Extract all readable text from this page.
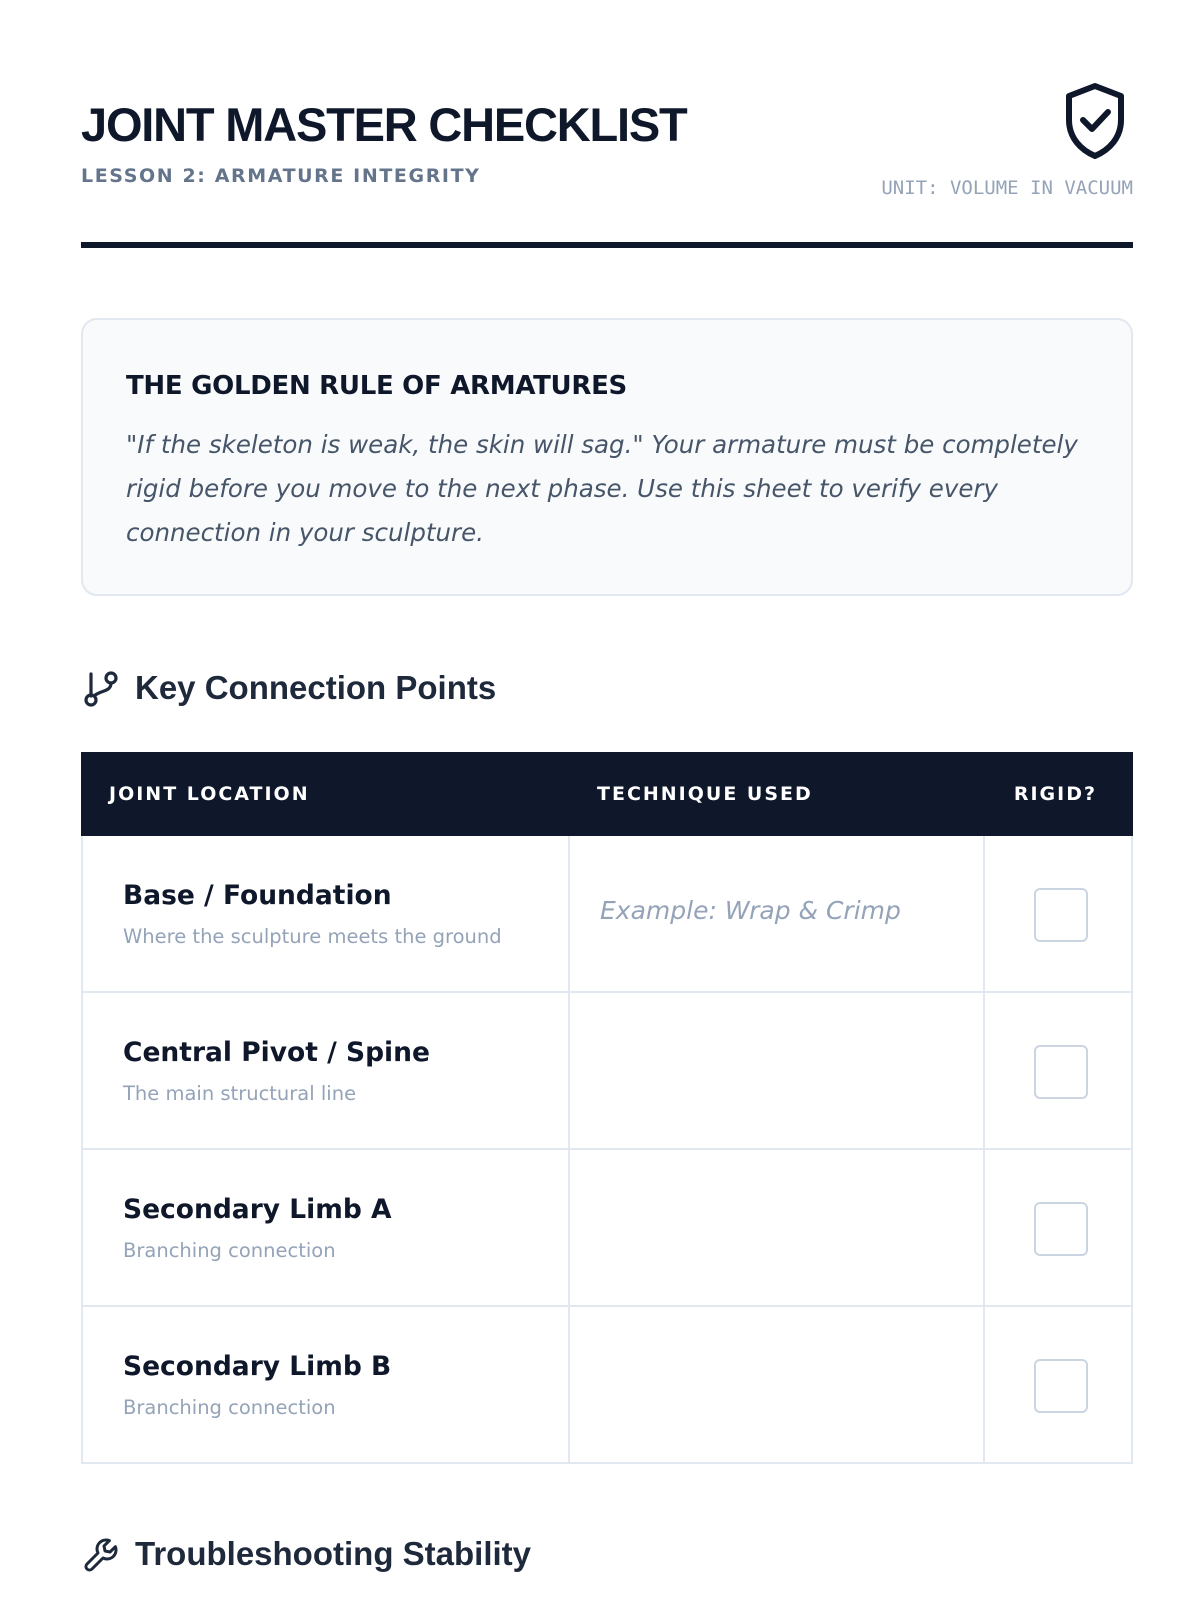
JOINT MASTER CHECKLIST
LESSON 2: ARMATURE INTEGRITY
UNIT: VOLUME IN VACUUM
THE GOLDEN RULE OF ARMATURES
"If the skeleton is weak, the skin will sag." Your armature must be completely rigid before you move to the next phase. Use this sheet to verify every connection in your sculpture.
Key Connection Points
JOINT LOCATION	TECHNIQUE USED	RIGID?
Base / Foundation
Where the sculpture meets the ground
Example: Wrap & Crimp
Central Pivot / Spine
The main structural line
Secondary Limb A
Branching connection
Secondary Limb B
Branching connection
Troubleshooting Stability
